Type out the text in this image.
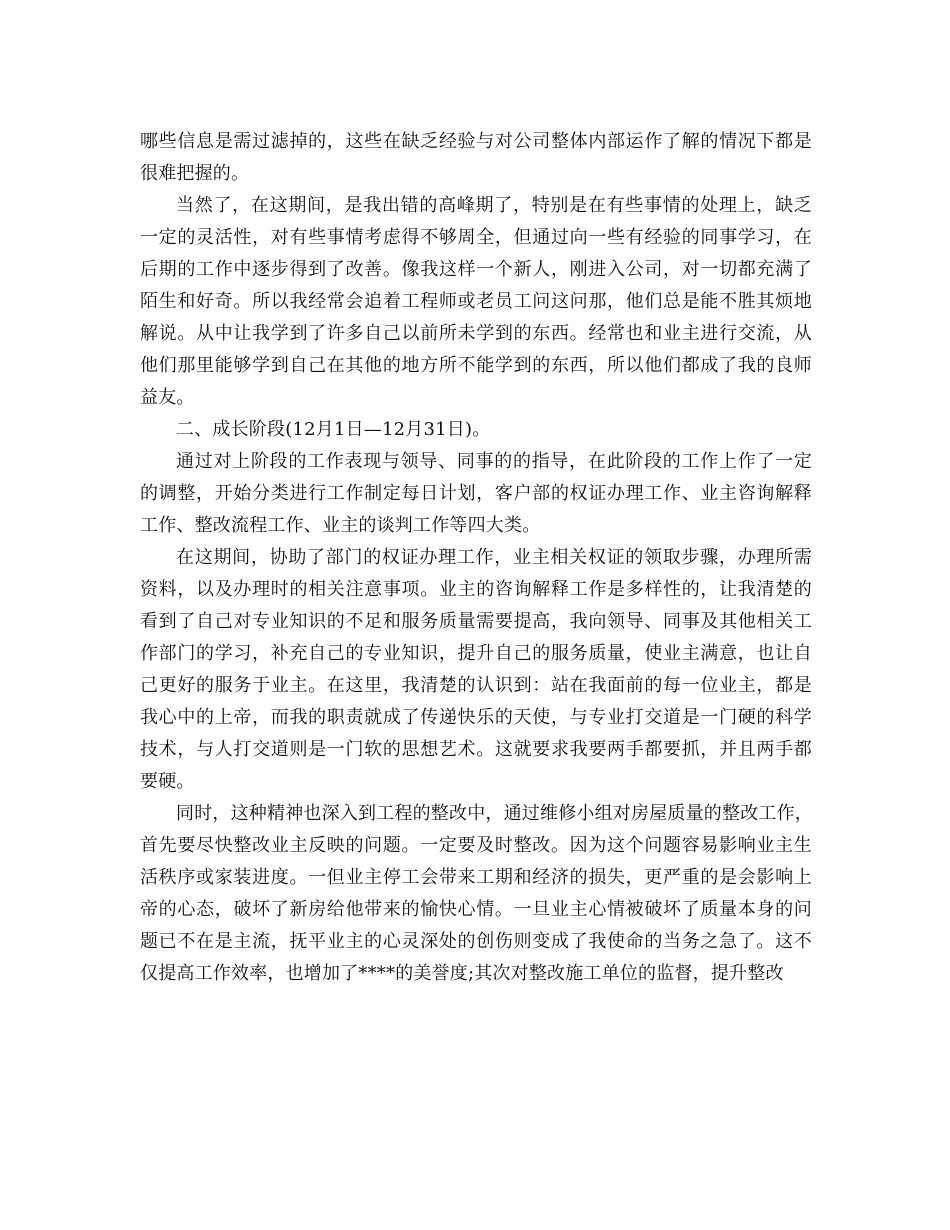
哪些信息是需过滤掉的，这些在缺乏经验与对公司整体内部运作了解的情况下都是
很难把握的。
当然了，在这期间，是我出错的高峰期了，特别是在有些事情的处理上，缺乏
一定的灵活性，对有些事情考虑得不够周全，但通过向一些有经验的同事学习，在
后期的工作中逐步得到了改善。像我这样一个新人，刚进入公司，对一切都充满了
陌生和好奇。所以我经常会追着工程师或老员工问这问那，他们总是能不胜其烦地
解说。从中让我学到了许多自己以前所未学到的东西。经常也和业主进行交流，从
他们那里能够学到自己在其他的地方所不能学到的东西，所以他们都成了我的良师
益友。
二、成长阶段(12月1日—12月31日)。
通过对上阶段的工作表现与领导、同事的的指导，在此阶段的工作上作了一定
的调整，开始分类进行工作制定每日计划，客户部的权证办理工作、业主咨询解释
工作、整改流程工作、业主的谈判工作等四大类。
在这期间，协助了部门的权证办理工作，业主相关权证的领取步骤，办理所需
资料，以及办理时的相关注意事项。业主的咨询解释工作是多样性的，让我清楚的
看到了自己对专业知识的不足和服务质量需要提高，我向领导、同事及其他相关工
作部门的学习，补充自己的专业知识，提升自己的服务质量，使业主满意，也让自
己更好的服务于业主。在这里，我清楚的认识到：站在我面前的每一位业主，都是
我心中的上帝，而我的职责就成了传递快乐的天使，与专业打交道是一门硬的科学
技术，与人打交道则是一门软的思想艺术。这就要求我要两手都要抓，并且两手都
要硬。
同时，这种精神也深入到工程的整改中，通过维修小组对房屋质量的整改工作，
首先要尽快整改业主反映的问题。一定要及时整改。因为这个问题容易影响业主生
活秩序或家装进度。一但业主停工会带来工期和经济的损失，更严重的是会影响上
帝的心态，破坏了新房给他带来的愉快心情。一旦业主心情被破坏了质量本身的问
题已不在是主流，抚平业主的心灵深处的创伤则变成了我使命的当务之急了。这不
仅提高工作效率，也增加了****的美誉度;其次对整改施工单位的监督，提升整改
